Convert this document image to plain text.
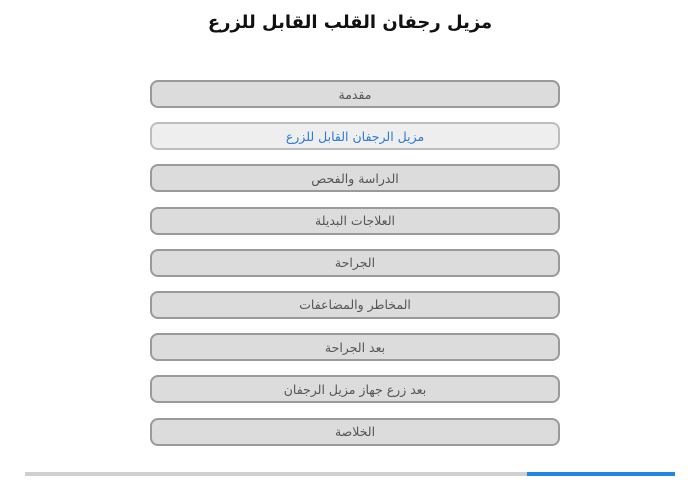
مزيل رجفان القلب القابل للزرع
مقدمة
مزيل الرجفان القابل للزرع
الدراسة والفحص
العلاجات البديلة
الجراحة
المخاطر والمضاعفات
بعد الجراحة
بعد زرع جهاز مزيل الرجفان
الخلاصة
